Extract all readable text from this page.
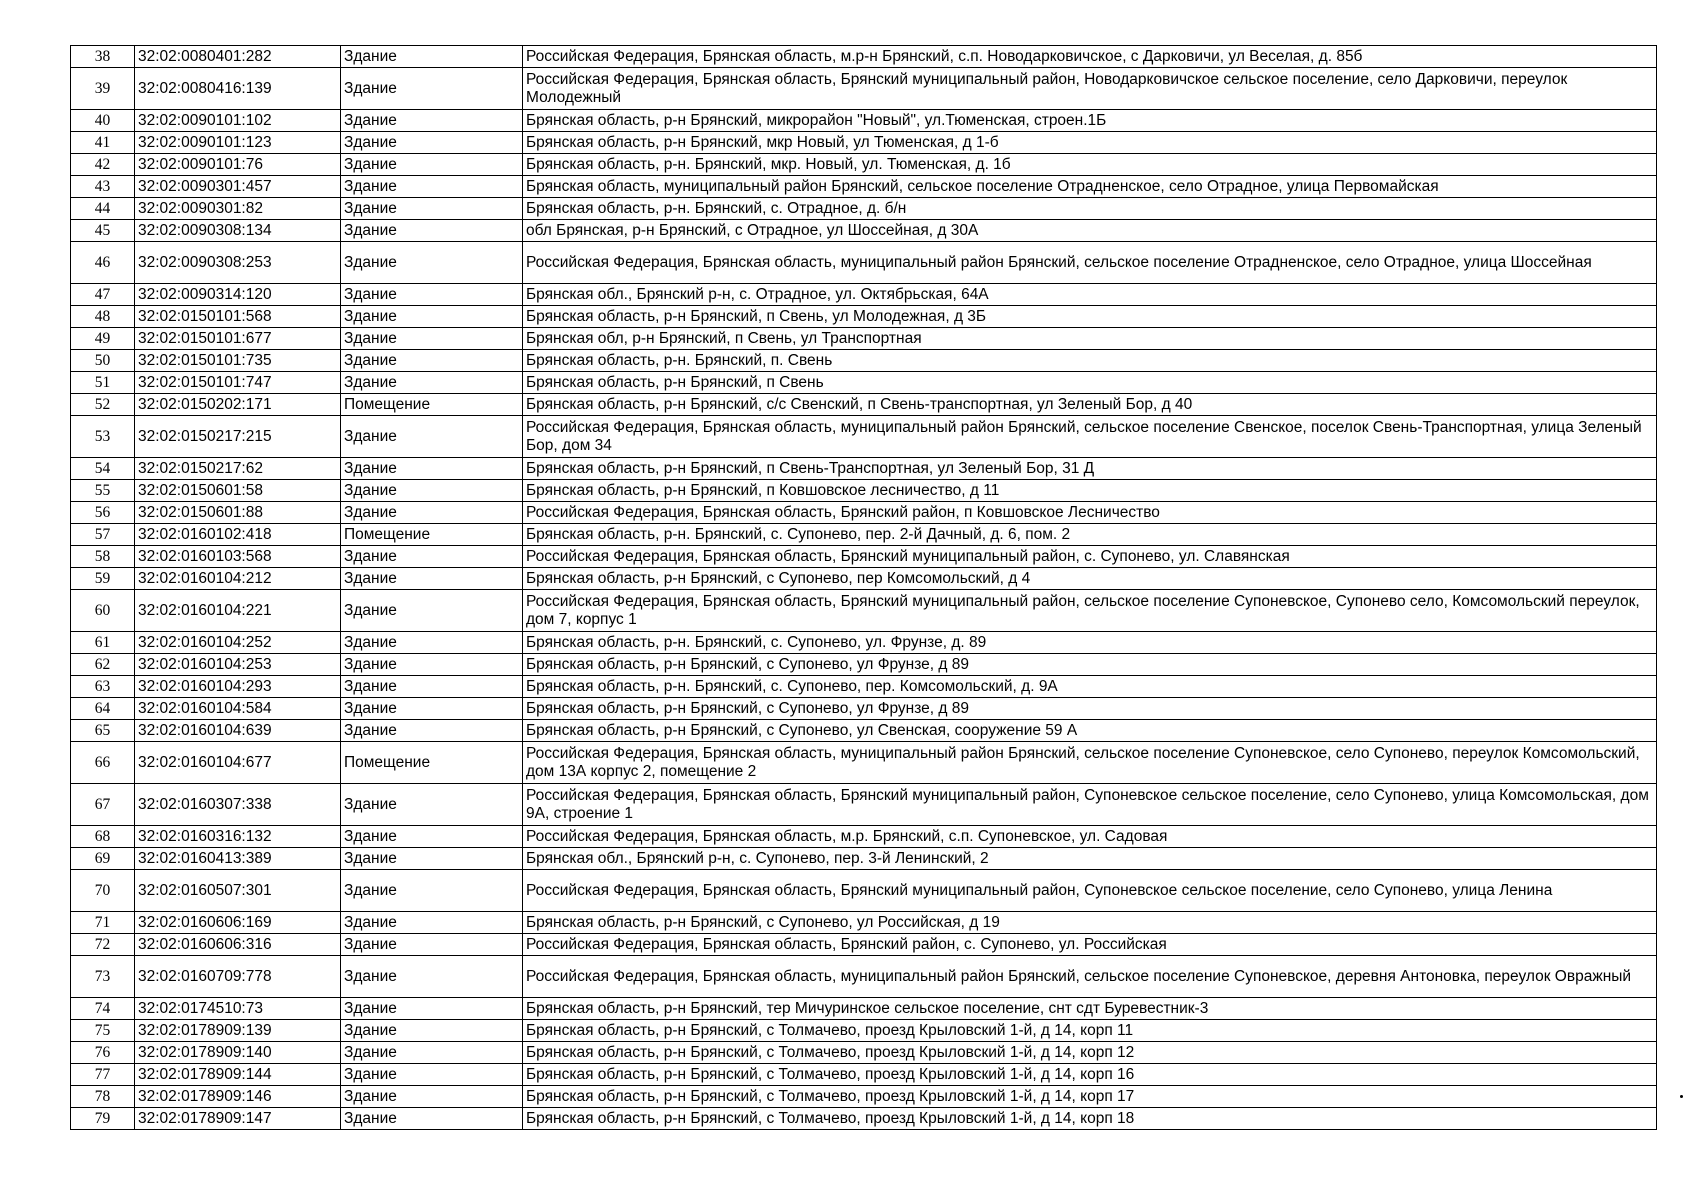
38	32:02:0080401:282	Здание	Российская Федерация, Брянская область, м.р-н Брянский, с.п. Новодарковичское, с Дарковичи, ул Веселая, д. 85б
39	32:02:0080416:139	Здание	Российская Федерация, Брянская область, Брянский муниципальный район, Новодарковичское сельское поселение, село Дарковичи, переулок Молодежный
40	32:02:0090101:102	Здание	Брянская область, р-н Брянский, микрорайон "Новый", ул.Тюменская, строен.1Б
41	32:02:0090101:123	Здание	Брянская область, р-н Брянский, мкр Новый, ул Тюменская, д 1-б
42	32:02:0090101:76	Здание	Брянская область, р-н. Брянский, мкр. Новый, ул. Тюменская, д. 1б
43	32:02:0090301:457	Здание	Брянская область, муниципальный район Брянский, сельское поселение Отрадненское, село Отрадное, улица Первомайская
44	32:02:0090301:82	Здание	Брянская область, р-н. Брянский, с. Отрадное, д. б/н
45	32:02:0090308:134	Здание	обл Брянская, р-н Брянский, с Отрадное, ул Шоссейная, д 30А
46	32:02:0090308:253	Здание	Российская Федерация, Брянская область, муниципальный район Брянский, сельское поселение Отрадненское, село Отрадное, улица Шоссейная
47	32:02:0090314:120	Здание	Брянская обл., Брянский р-н, с. Отрадное, ул. Октябрьская, 64А
48	32:02:0150101:568	Здание	Брянская область, р-н Брянский, п Свень, ул Молодежная, д 3Б
49	32:02:0150101:677	Здание	Брянская обл, р-н Брянский, п Свень, ул Транспортная
50	32:02:0150101:735	Здание	Брянская область, р-н. Брянский, п. Свень
51	32:02:0150101:747	Здание	Брянская область, р-н Брянский, п Свень
52	32:02:0150202:171	Помещение	Брянская область, р-н Брянский, с/с Свенский, п Свень-транспортная, ул Зеленый Бор, д 40
53	32:02:0150217:215	Здание	Российская Федерация, Брянская область, муниципальный район Брянский, сельское поселение Свенское, поселок Свень-Транспортная, улица Зеленый Бор, дом 34
54	32:02:0150217:62	Здание	Брянская область, р-н Брянский, п Свень-Транспортная, ул Зеленый Бор, 31 Д
55	32:02:0150601:58	Здание	Брянская область, р-н Брянский, п Ковшовское лесничество, д 11
56	32:02:0150601:88	Здание	Российская Федерация, Брянская область, Брянский район, п Ковшовское Лесничество
57	32:02:0160102:418	Помещение	Брянская область, р-н. Брянский, с. Супонево, пер. 2-й Дачный, д. 6, пом. 2
58	32:02:0160103:568	Здание	Российская Федерация, Брянская область, Брянский муниципальный район, с. Супонево, ул. Славянская
59	32:02:0160104:212	Здание	Брянская область, р-н Брянский, с Супонево, пер Комсомольский, д 4
60	32:02:0160104:221	Здание	Российская Федерация, Брянская область, Брянский муниципальный район, сельское поселение Супоневское, Супонево село, Комсомольский переулок, дом 7, корпус 1
61	32:02:0160104:252	Здание	Брянская область, р-н. Брянский, с. Супонево, ул. Фрунзе, д. 89
62	32:02:0160104:253	Здание	Брянская область, р-н Брянский, с Супонево, ул Фрунзе, д 89
63	32:02:0160104:293	Здание	Брянская область, р-н. Брянский, с. Супонево, пер. Комсомольский, д. 9А
64	32:02:0160104:584	Здание	Брянская область, р-н Брянский, с Супонево, ул Фрунзе, д 89
65	32:02:0160104:639	Здание	Брянская область, р-н Брянский, с Супонево, ул Свенская, сооружение 59 А
66	32:02:0160104:677	Помещение	Российская Федерация, Брянская область, муниципальный район Брянский, сельское поселение Супоневское, село Супонево, переулок Комсомольский, дом 13А корпус 2, помещение 2
67	32:02:0160307:338	Здание	Российская Федерация, Брянская область, Брянский муниципальный район, Супоневское сельское поселение, село Супонево, улица Комсомольская, дом 9А, строение 1
68	32:02:0160316:132	Здание	Российская Федерация, Брянская область, м.р. Брянский, с.п. Супоневское, ул. Садовая
69	32:02:0160413:389	Здание	Брянская обл., Брянский р-н, с. Супонево, пер. 3-й Ленинский, 2
70	32:02:0160507:301	Здание	Российская Федерация, Брянская область, Брянский муниципальный район, Супоневское сельское поселение, село Супонево, улица Ленина
71	32:02:0160606:169	Здание	Брянская область, р-н Брянский, с Супонево, ул Российская, д 19
72	32:02:0160606:316	Здание	Российская Федерация, Брянская область, Брянский район, с. Супонево, ул. Российская
73	32:02:0160709:778	Здание	Российская Федерация, Брянская область, муниципальный район Брянский, сельское поселение Супоневское, деревня Антоновка, переулок Овражный
74	32:02:0174510:73	Здание	Брянская область, р-н Брянский, тер Мичуринское сельское поселение, снт сдт Буревестник-3
75	32:02:0178909:139	Здание	Брянская область, р-н Брянский, с Толмачево, проезд Крыловский 1-й, д 14, корп 11
76	32:02:0178909:140	Здание	Брянская область, р-н Брянский, с Толмачево, проезд Крыловский 1-й, д 14, корп 12
77	32:02:0178909:144	Здание	Брянская область, р-н Брянский, с Толмачево, проезд Крыловский 1-й, д 14, корп 16
78	32:02:0178909:146	Здание	Брянская область, р-н Брянский, с Толмачево, проезд Крыловский 1-й, д 14, корп 17
79	32:02:0178909:147	Здание	Брянская область, р-н Брянский, с Толмачево, проезд Крыловский 1-й, д 14, корп 18
